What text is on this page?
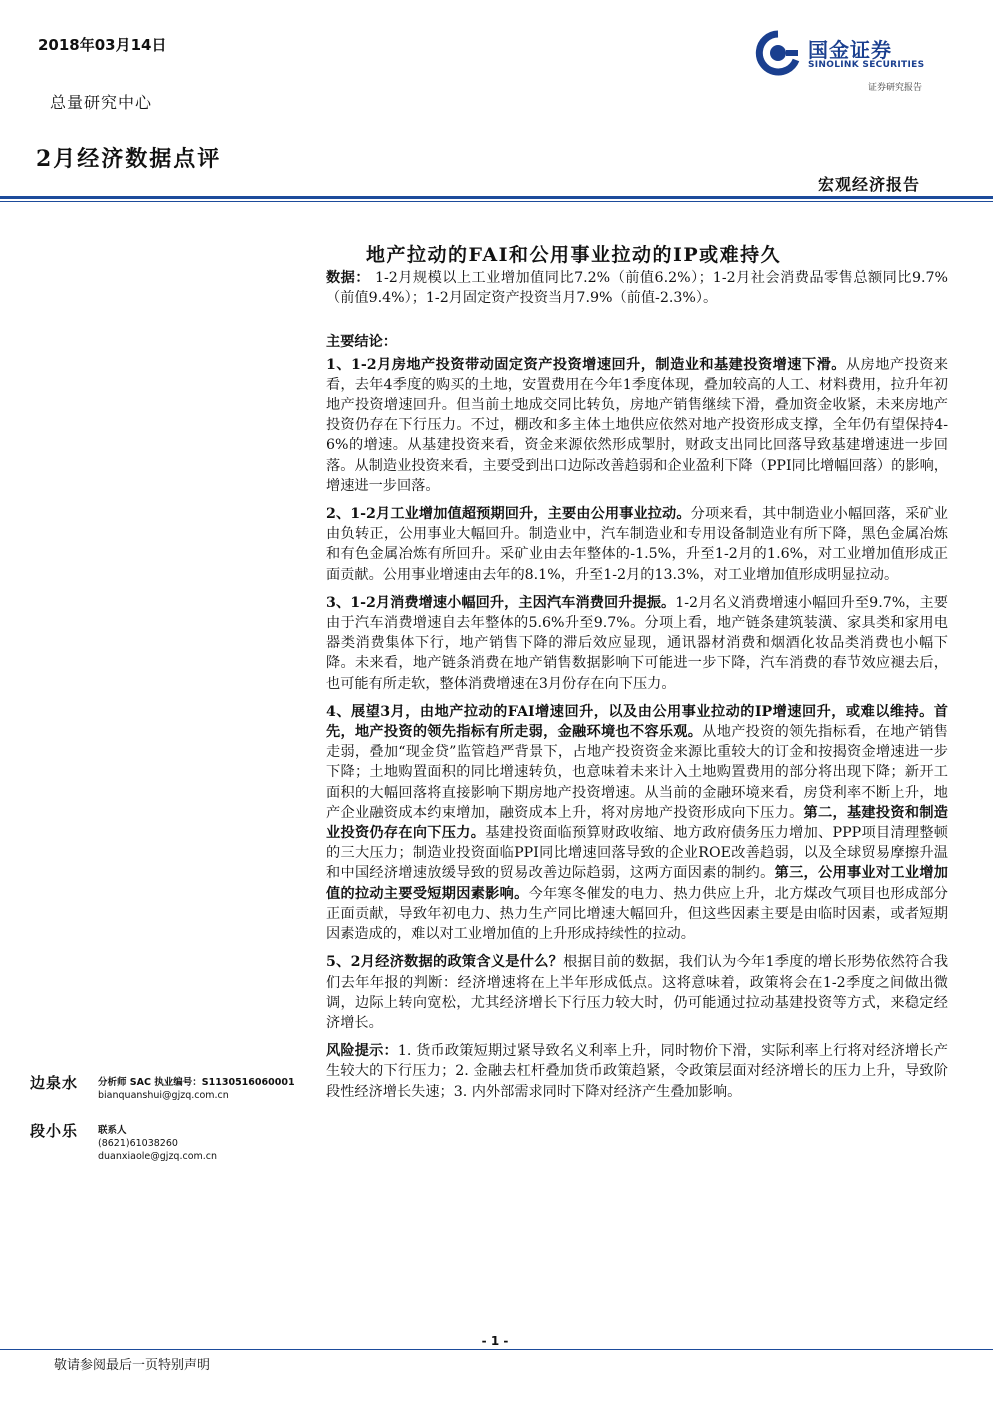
2018年03月14日
总量研究中心
2月经济数据点评
国金证券
SINOLINK SECURITIES
证券研究报告
宏观经济报告
地产拉动的FAI和公用事业拉动的IP或难持久

数据： 1-2月规模以上工业增加值同比7.2%（前值6.2%）；1-2月社会消费品零售总额同比9.7%（前值9.4%）；1-2月固定资产投资当月7.9%（前值-2.3%）。

主要结论：

1、1-2月房地产投资带动固定资产投资增速回升，制造业和基建投资增速下滑。从房地产投资来看，去年4季度的购买的土地，安置费用在今年1季度体现，叠加较高的人工、材料费用，拉升年初地产投资增速回升。但当前土地成交同比转负，房地产销售继续下滑，叠加资金收紧，未来房地产投资仍存在下行压力。不过，棚改和多主体土地供应依然对地产投资形成支撑，全年仍有望保持4-6%的增速。从基建投资来看，资金来源依然形成掣肘，财政支出同比回落导致基建增速进一步回落。从制造业投资来看，主要受到出口边际改善趋弱和企业盈利下降（PPI同比增幅回落）的影响，增速进一步回落。

2、1-2月工业增加值超预期回升，主要由公用事业拉动。分项来看，其中制造业小幅回落，采矿业由负转正，公用事业大幅回升。制造业中，汽车制造业和专用设备制造业有所下降，黑色金属冶炼和有色金属冶炼有所回升。采矿业由去年整体的-1.5%，升至1-2月的1.6%，对工业增加值形成正面贡献。公用事业增速由去年的8.1%，升至1-2月的13.3%，对工业增加值形成明显拉动。

3、1-2月消费增速小幅回升，主因汽车消费回升提振。1-2月名义消费增速小幅回升至9.7%，主要由于汽车消费增速自去年整体的5.6%升至9.7%。分项上看，地产链条建筑装潢、家具类和家用电器类消费集体下行，地产销售下降的滞后效应显现，通讯器材消费和烟酒化妆品类消费也小幅下降。未来看，地产链条消费在地产销售数据影响下可能进一步下降，汽车消费的春节效应褪去后，也可能有所走软，整体消费增速在3月份存在向下压力。

4、展望3月，由地产拉动的FAI增速回升，以及由公用事业拉动的IP增速回升，或难以维持。首先，地产投资的领先指标有所走弱，金融环境也不容乐观。从地产投资的领先指标看，在地产销售走弱，叠加“现金贷”监管趋严背景下，占地产投资资金来源比重较大的订金和按揭资金增速进一步下降；土地购置面积的同比增速转负，也意味着未来计入土地购置费用的部分将出现下降；新开工面积的大幅回落将直接影响下期房地产投资增速。从当前的金融环境来看，房贷利率不断上升，地产企业融资成本约束增加，融资成本上升，将对房地产投资形成向下压力。第二，基建投资和制造业投资仍存在向下压力。基建投资面临预算财政收缩、地方政府债务压力增加、PPP项目清理整顿的三大压力；制造业投资面临PPI同比增速回落导致的企业ROE改善趋弱，以及全球贸易摩擦升温和中国经济增速放缓导致的贸易改善边际趋弱，这两方面因素的制约。第三，公用事业对工业增加值的拉动主要受短期因素影响。今年寒冬催发的电力、热力供应上升，北方煤改气项目也形成部分正面贡献，导致年初电力、热力生产同比增速大幅回升，但这些因素主要是由临时因素，或者短期因素造成的，难以对工业增加值的上升形成持续性的拉动。

5、2月经济数据的政策含义是什么？根据目前的数据，我们认为今年1季度的增长形势依然符合我们去年年报的判断：经济增速将在上半年形成低点。这将意味着，政策将会在1-2季度之间做出微调，边际上转向宽松，尤其经济增长下行压力较大时，仍可能通过拉动基建投资等方式，来稳定经济增长。

风险提示：1. 货币政策短期过紧导致名义利率上升，同时物价下滑，实际利率上行将对经济增长产生较大的下行压力；2. 金融去杠杆叠加货币政策趋紧，令政策层面对经济增长的压力上升，导致阶段性经济增长失速；3. 内外部需求同时下降对经济产生叠加影响。

边泉水 分析师 SAC 执业编号：S1130516060001
bianquanshui@gjzq.com.cn
段小乐 联系人
(8621)61038260
duanxiaole@gjzq.com.cn
- 1 -
敬请参阅最后一页特别声明
